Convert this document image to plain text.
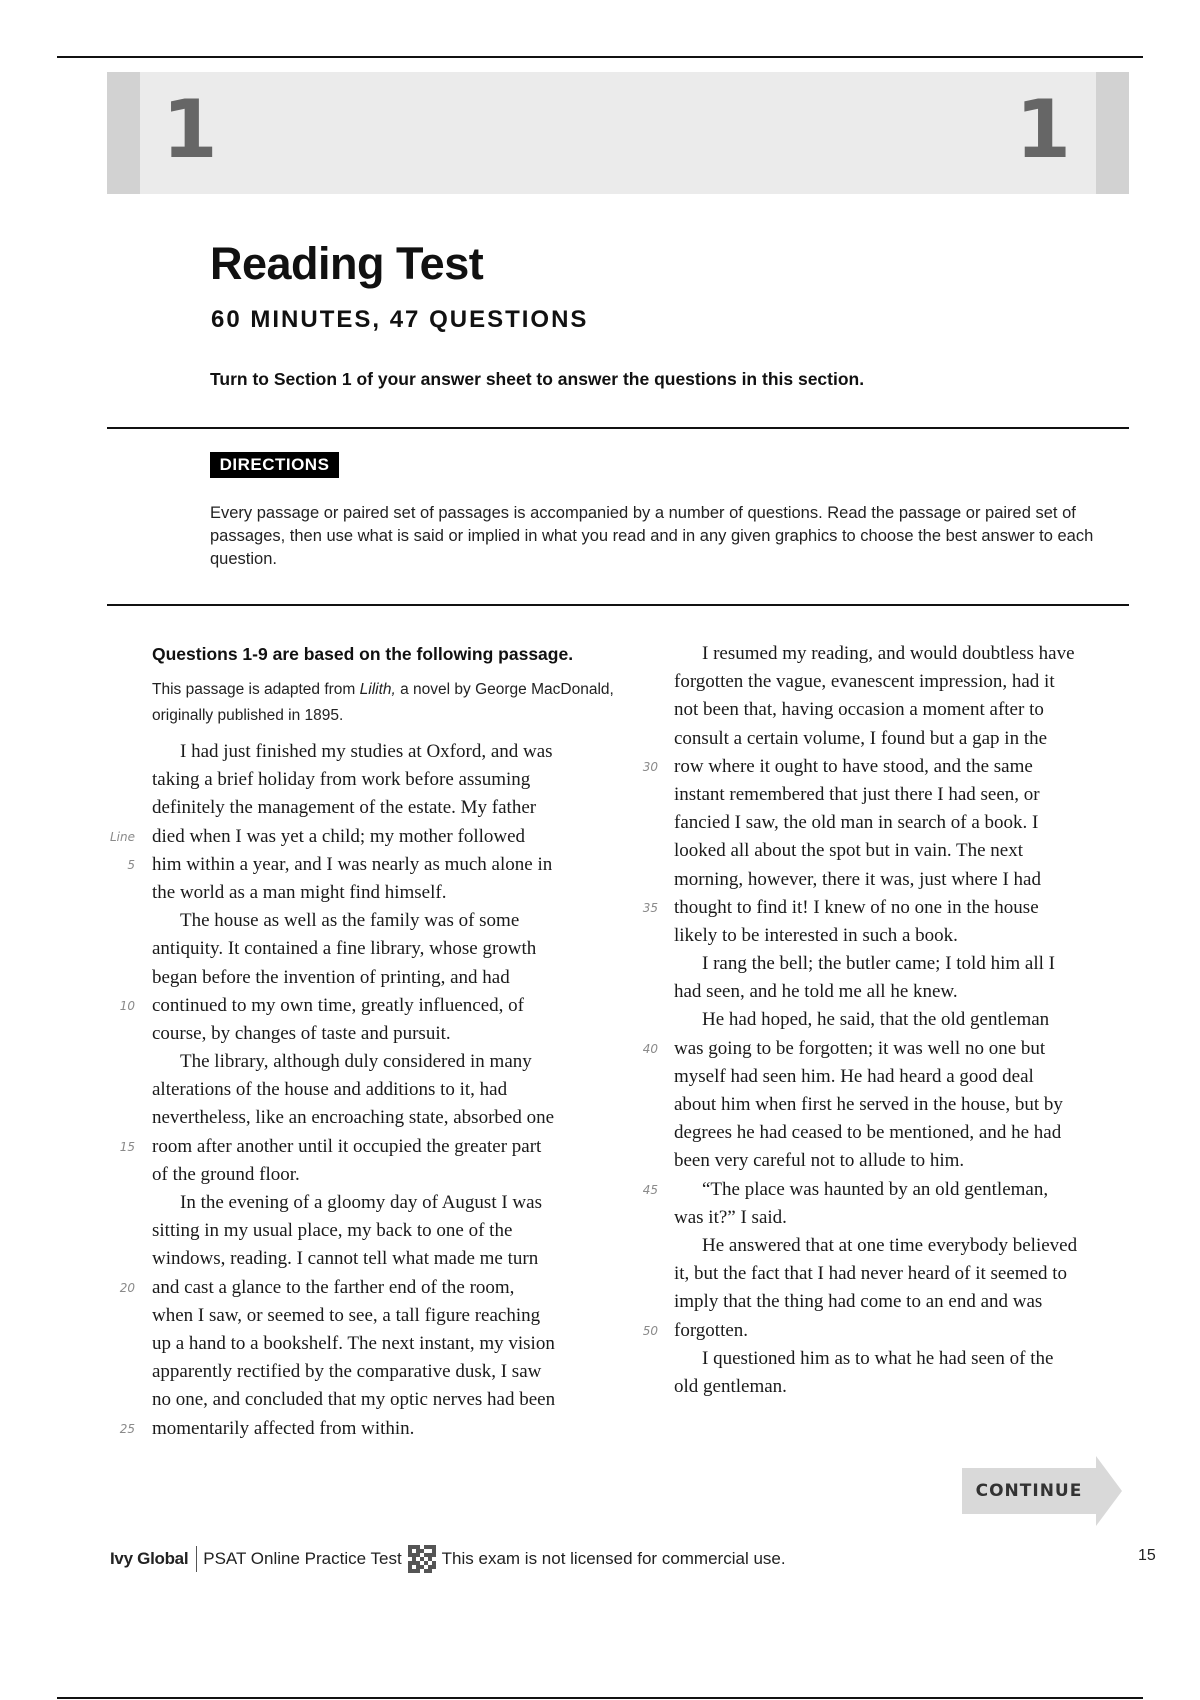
1	1
Reading Test
60 MINUTES, 47 QUESTIONS
Turn to Section 1 of your answer sheet to answer the questions in this section.
DIRECTIONS

Every passage or paired set of passages is accompanied by a number of questions. Read the passage or paired set of passages, then use what is said or implied in what you read and in any given graphics to choose the best answer to each question.

Questions 1-9 are based on the following passage.
This passage is adapted from Lilith, a novel by George MacDonald, originally published in 1895.
I had just finished my studies at Oxford, and was
taking a brief holiday from work before assuming
definitely the management of the estate. My father
died when I was yet a child; my mother followed
him within a year, and I was nearly as much alone in
the world as a man might find himself.
The house as well as the family was of some
antiquity. It contained a fine library, whose growth
began before the invention of printing, and had
continued to my own time, greatly influenced, of
course, by changes of taste and pursuit.
The library, although duly considered in many
alterations of the house and additions to it, had
nevertheless, like an encroaching state, absorbed one
room after another until it occupied the greater part
of the ground floor.
In the evening of a gloomy day of August I was
sitting in my usual place, my back to one of the
windows, reading. I cannot tell what made me turn
and cast a glance to the farther end of the room,
when I saw, or seemed to see, a tall figure reaching
up a hand to a bookshelf. The next instant, my vision
apparently rectified by the comparative dusk, I saw
no one, and concluded that my optic nerves had been
momentarily affected from within.
I resumed my reading, and would doubtless have
forgotten the vague, evanescent impression, had it
not been that, having occasion a moment after to
consult a certain volume, I found but a gap in the
row where it ought to have stood, and the same
instant remembered that just there I had seen, or
fancied I saw, the old man in search of a book. I
looked all about the spot but in vain. The next
morning, however, there it was, just where I had
thought to find it! I knew of no one in the house
likely to be interested in such a book.
I rang the bell; the butler came; I told him all I
had seen, and he told me all he knew.
He had hoped, he said, that the old gentleman
was going to be forgotten; it was well no one but
myself had seen him. He had heard a good deal
about him when first he served in the house, but by
degrees he had ceased to be mentioned, and he had
been very careful not to allude to him.
“The place was haunted by an old gentleman,
was it?” I said.
He answered that at one time everybody believed
it, but the fact that I had never heard of it seemed to
imply that the thing had come to an end and was
forgotten.
I questioned him as to what he had seen of the
old gentleman.
Line
5
10
15
20
25
30
35
40
45
50
CONTINUE
Ivy Global PSAT Online Practice Test This exam is not licensed for commercial use.	15
